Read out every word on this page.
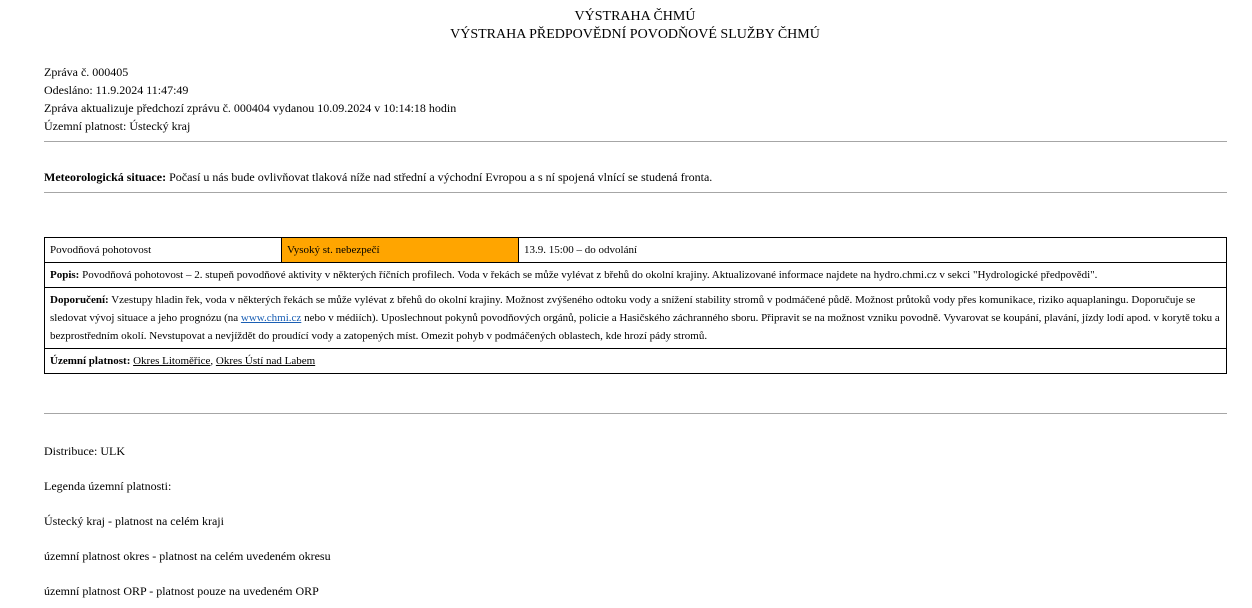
VÝSTRAHA ČHMÚ
VÝSTRAHA PŘEDPOVĚDNÍ POVODŇOVÉ SLUŽBY ČHMÚ
Zpráva č. 000405
Odesláno: 11.9.2024 11:47:49
Zpráva aktualizuje předchozí zprávu č. 000404 vydanou 10.09.2024 v 10:14:18 hodin
Územní platnost: Ústecký kraj
Meteorologická situace: Počasí u nás bude ovlivňovat tlaková níže nad střední a východní Evropou a s ní spojená vlnící se studená fronta.
Povodňová pohotovost	Vysoký st. nebezpečí	13.9. 15:00 – do odvolání
Popis: Povodňová pohotovost – 2. stupeň povodňové aktivity v některých říčních profilech. Voda v řekách se může vylévat z břehů do okolní krajiny. Aktualizované informace najdete na hydro.chmi.cz v sekci "Hydrologické předpovědi".
Doporučení: Vzestupy hladin řek, voda v některých řekách se může vylévat z břehů do okolní krajiny. Možnost zvýšeného odtoku vody a snížení stability stromů v podmáčené půdě. Možnost průtoků vody přes komunikace, riziko aquaplaningu. Doporučuje se sledovat vývoj situace a jeho prognózu (na www.chmi.cz nebo v médiích). Uposlechnout pokynů povodňových orgánů, policie a Hasičského záchranného sboru. Připravit se na možnost vzniku povodně. Vyvarovat se koupání, plavání, jízdy lodí apod. v korytě toku a bezprostředním okolí. Nevstupovat a nevjíždět do proudící vody a zatopených míst. Omezit pohyb v podmáčených oblastech, kde hrozí pády stromů.
Územní platnost: Okres Litoměřice, Okres Ústí nad Labem
Distribuce: ULK
Legenda územní platnosti:
Ústecký kraj - platnost na celém kraji
územní platnost okres - platnost na celém uvedeném okresu
územní platnost ORP - platnost pouze na uvedeném ORP
